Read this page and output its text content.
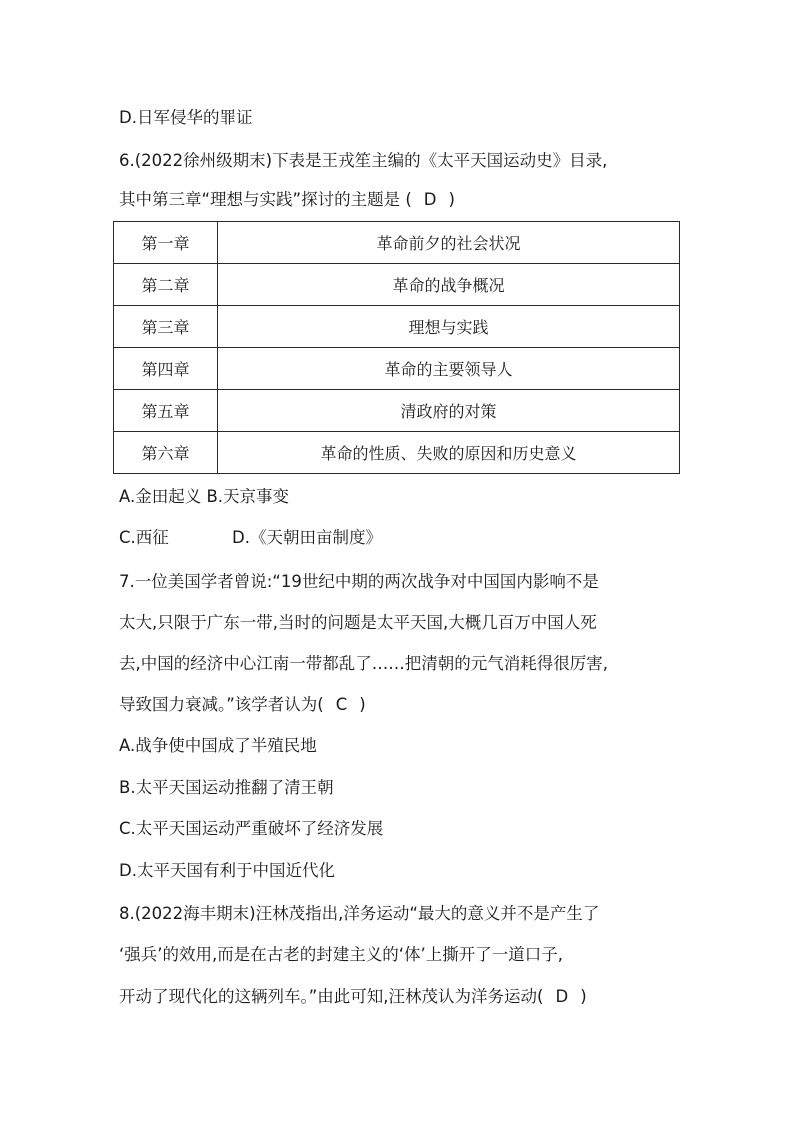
D.日军侵华的罪证
6.(2022徐州级期末)下表是王戎笙主编的《太平天国运动史》目录,
其中第三章“理想与实践”探讨的主题是 ( D )
第一章	革命前夕的社会状况
第二章	革命的战争概况
第三章	理想与实践
第四章	革命的主要领导人
第五章	清政府的对策
第六章	革命的性质、失败的原因和历史意义
A.金田起义 B.天京事变
C.西征	D.《天朝田亩制度》
7.一位美国学者曾说:“19世纪中期的两次战争对中国国内影响不是
太大,只限于广东一带,当时的问题是太平天国,大概几百万中国人死
去,中国的经济中心江南一带都乱了……把清朝的元气消耗得很厉害,
导致国力衰减。”该学者认为( C )
A.战争使中国成了半殖民地
B.太平天国运动推翻了清王朝
C.太平天国运动严重破坏了经济发展
D.太平天国有利于中国近代化
8.(2022海丰期末)汪林茂指出,洋务运动“最大的意义并不是产生了
‘强兵’的效用,而是在古老的封建主义的‘体’上撕开了一道口子,
开动了现代化的这辆列车。”由此可知,汪林茂认为洋务运动( D )
